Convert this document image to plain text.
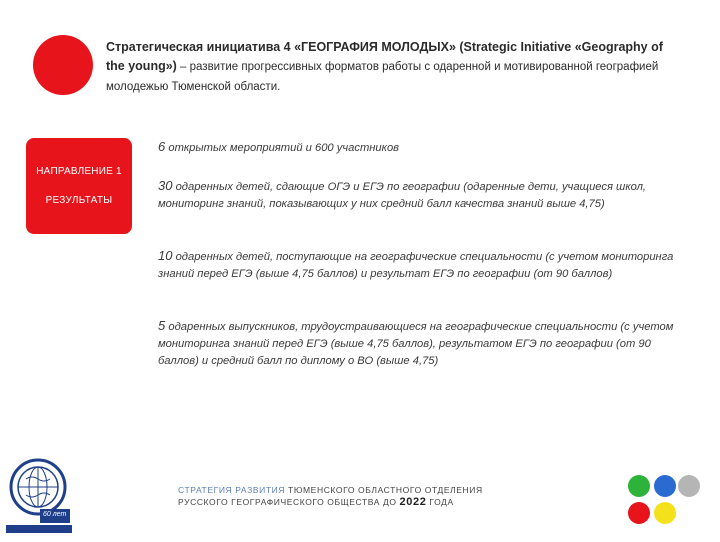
Стратегическая инициатива 4 «ГЕОГРАФИЯ МОЛОДЫХ» (Strategic Initiative «Geography of the young») – развитие прогрессивных форматов работы с одаренной и мотивированной географией молодежью Тюменской области.
НАПРАВЛЕНИЕ 1
РЕЗУЛЬТАТЫ
6 открытых мероприятий и 600 участников
30 одаренных детей, сдающие ОГЭ и ЕГЭ по географии (одаренные дети, учащиеся школ, мониторинг знаний, показывающих у них средний балл качества знаний выше 4,75)
10 одаренных детей, поступающие на географические специальности (с учетом мониторинга знаний перед ЕГЭ (выше 4,75 баллов) и результат ЕГЭ по географии (от 90 баллов)
5 одаренных выпускников, трудоустраивающиеся на географические специальности (с учетом мониторинга знаний перед ЕГЭ (выше 4,75 баллов), результатом ЕГЭ по географии (от 90 баллов) и средний балл по диплому о ВО (выше 4,75)
60 лет
СТРАТЕГИЯ РАЗВИТИЯ ТЮМЕНСКОГО ОБЛАСТНОГО ОТДЕЛЕНИЯ
РУССКОГО ГЕОГРАФИЧЕСКОГО ОБЩЕСТВА ДО 2022 ГОДА
